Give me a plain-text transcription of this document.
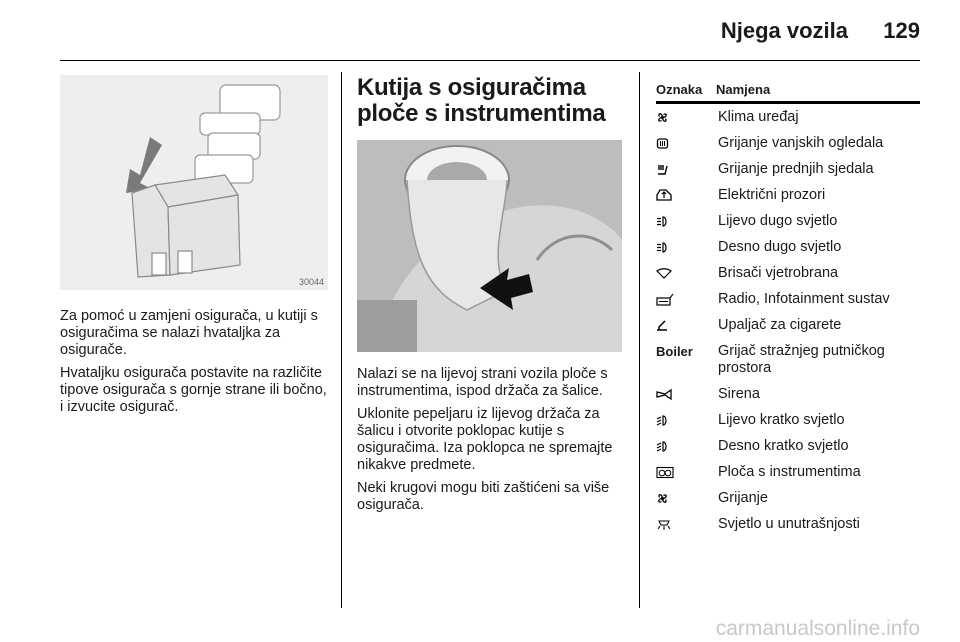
Njega vozila 129
30044

Za pomoć u zamjeni osigurača, u kutiji s osiguračima se nalazi hvataljka za osigurače.

Hvataljku osigurača postavite na različite tipove osigurača s gornje strane ili bočno, i izvucite osigurač.

Kutija s osiguračima ploče s instrumentima

Nalazi se na lijevoj strani vozila ploče s instrumentima, ispod držača za šalice.

Uklonite pepeljaru iz lijevog držača za šalicu i otvorite poklopac kutije s osiguračima. Iza poklopca ne spremajte nikakve predmete.

Neki krugovi mogu biti zaštićeni sa više osigurača.

Oznaka	Namjena
Klima uređaj
Grijanje vanjskih ogledala
Grijanje prednjih sjedala
Električni prozori
Lijevo dugo svjetlo
Desno dugo svjetlo
Brisači vjetrobrana
Radio, Infotainment sustav
Upaljač za cigarete
Boiler	Grijač stražnjeg putničkog prostora
Sirena
Lijevo kratko svjetlo
Desno kratko svjetlo
Ploča s instrumentima
Grijanje
Svjetlo u unutrašnjosti
carmanualsonline.info
